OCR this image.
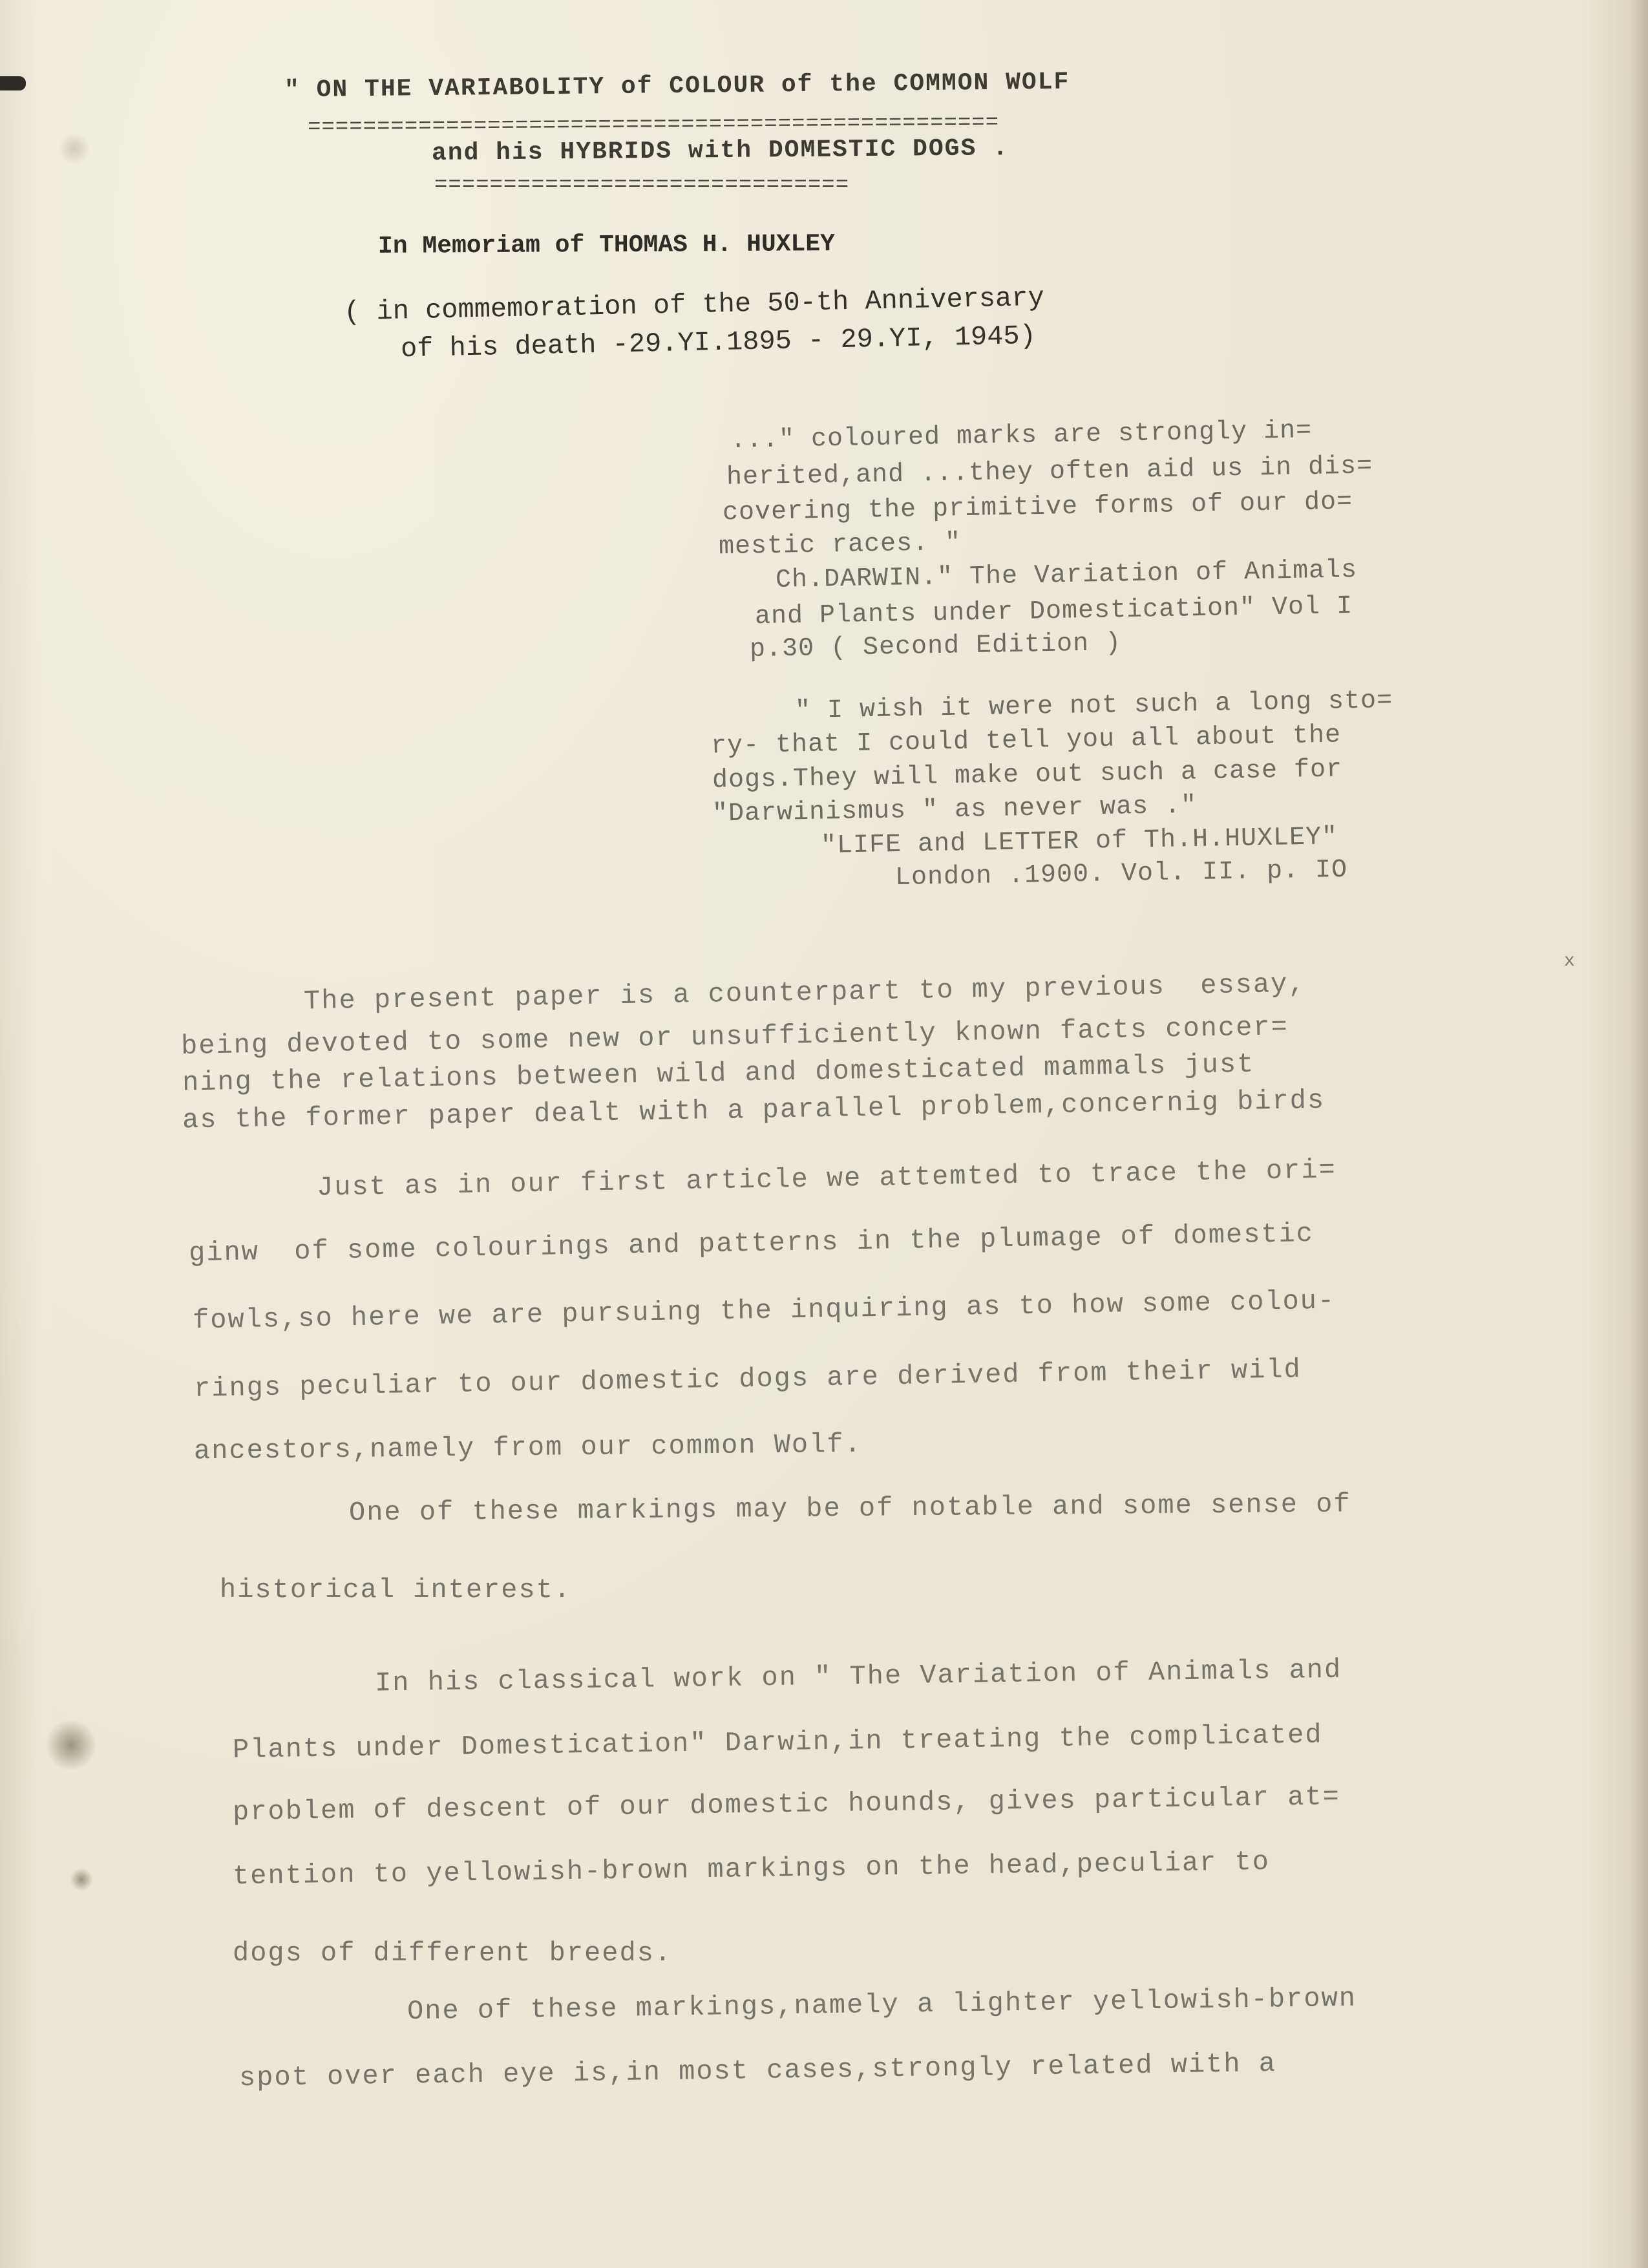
" ON THE VARIABOLITY of COLOUR of the COMMON WOLF
==================================================
and his HYBRIDS with DOMESTIC DOGS .
==============================
In Memoriam of THOMAS H. HUXLEY
( in commemoration of the 50-th Anniversary
of his death -29.YI.1895 - 29.YI, 1945)
..." coloured marks are strongly in=
herited,and ...they often aid us in dis=
covering the primitive forms of our do=
mestic races. "
Ch.DARWIN." The Variation of Animals
and Plants under Domestication" Vol I
p.30 ( Second Edition )
" I wish it were not such a long sto=
ry- that I could tell you all about the
dogs.They will make out such a case for
"Darwinismus " as never was ."
"LIFE and LETTER of Th.H.HUXLEY"
London .1900. Vol. II. p. IO
x
The present paper is a counterpart to my previous  essay,
being devoted to some new or unsufficiently known facts concer=
ning the relations between wild and domesticated mammals just
as the former paper dealt with a parallel problem,concernig birds
Just as in our first article we attemted to trace the ori=
ginw  of some colourings and patterns in the plumage of domestic
fowls,so here we are pursuing the inquiring as to how some colou-
rings peculiar to our domestic dogs are derived from their wild
ancestors,namely from our common Wolf.
One of these markings may be of notable and some sense of
historical interest.
In his classical work on " The Variation of Animals and
Plants under Domestication" Darwin,in treating the complicated
problem of descent of our domestic hounds, gives particular at=
tention to yellowish-brown markings on the head,peculiar to
dogs of different breeds.
One of these markings,namely a lighter yellowish-brown
spot over each eye is,in most cases,strongly related with a
